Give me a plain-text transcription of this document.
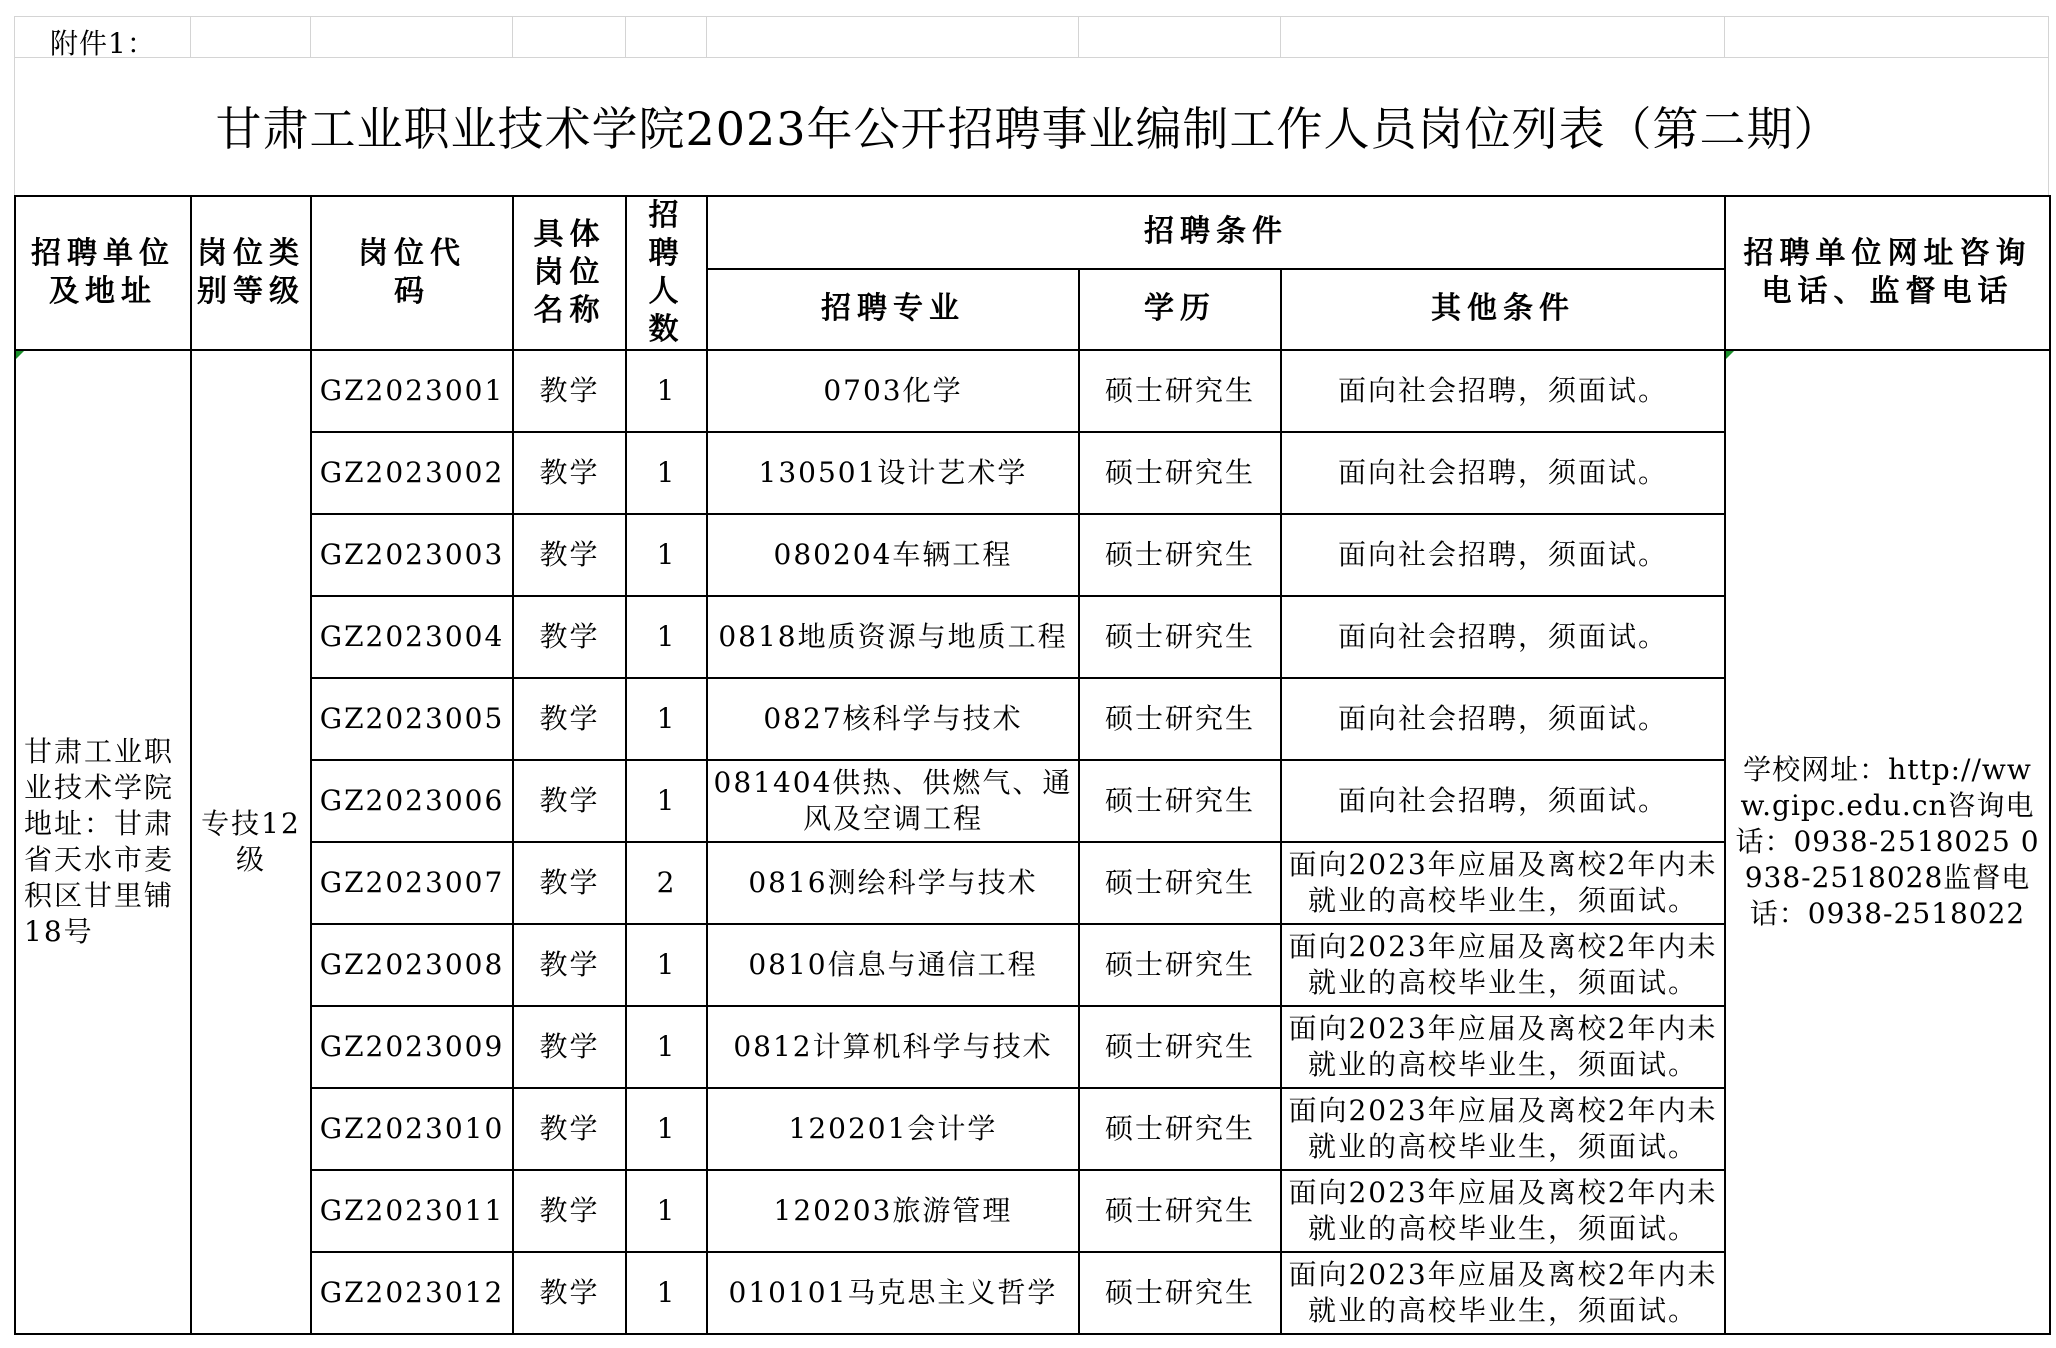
附件1：
甘肃工业职业技术学院2023年公开招聘事业编制工作人员岗位列表（第二期）
招聘单位及地址	岗位类别等级	岗位代码	具体岗位名称	招聘人数	招聘条件			招聘单位网址咨询电话、监督电话
					招聘专业	学历	其他条件	
甘肃工业职业技术学院地址：甘肃省天水市麦积区甘里铺18号	专技12级	GZ2023001	教学	1	0703化学	硕士研究生	面向社会招聘，须面试。	学校网址：http://www.gipc.edu.cn咨询电话：0938-2518025 0938-2518028监督电话：0938-2518022
		GZ2023002	教学	1	130501设计艺术学	硕士研究生	面向社会招聘，须面试。	
		GZ2023003	教学	1	080204车辆工程	硕士研究生	面向社会招聘，须面试。	
		GZ2023004	教学	1	0818地质资源与地质工程	硕士研究生	面向社会招聘，须面试。	
		GZ2023005	教学	1	0827核科学与技术	硕士研究生	面向社会招聘，须面试。	
		GZ2023006	教学	1	081404供热、供燃气、通风及空调工程	硕士研究生	面向社会招聘，须面试。	
		GZ2023007	教学	2	0816测绘科学与技术	硕士研究生	面向2023年应届及离校2年内未就业的高校毕业生，须面试。	
		GZ2023008	教学	1	0810信息与通信工程	硕士研究生	面向2023年应届及离校2年内未就业的高校毕业生，须面试。	
		GZ2023009	教学	1	0812计算机科学与技术	硕士研究生	面向2023年应届及离校2年内未就业的高校毕业生，须面试。	
		GZ2023010	教学	1	120201会计学	硕士研究生	面向2023年应届及离校2年内未就业的高校毕业生，须面试。	
		GZ2023011	教学	1	120203旅游管理	硕士研究生	面向2023年应届及离校2年内未就业的高校毕业生，须面试。	
		GZ2023012	教学	1	010101马克思主义哲学	硕士研究生	面向2023年应届及离校2年内未就业的高校毕业生，须面试。	
